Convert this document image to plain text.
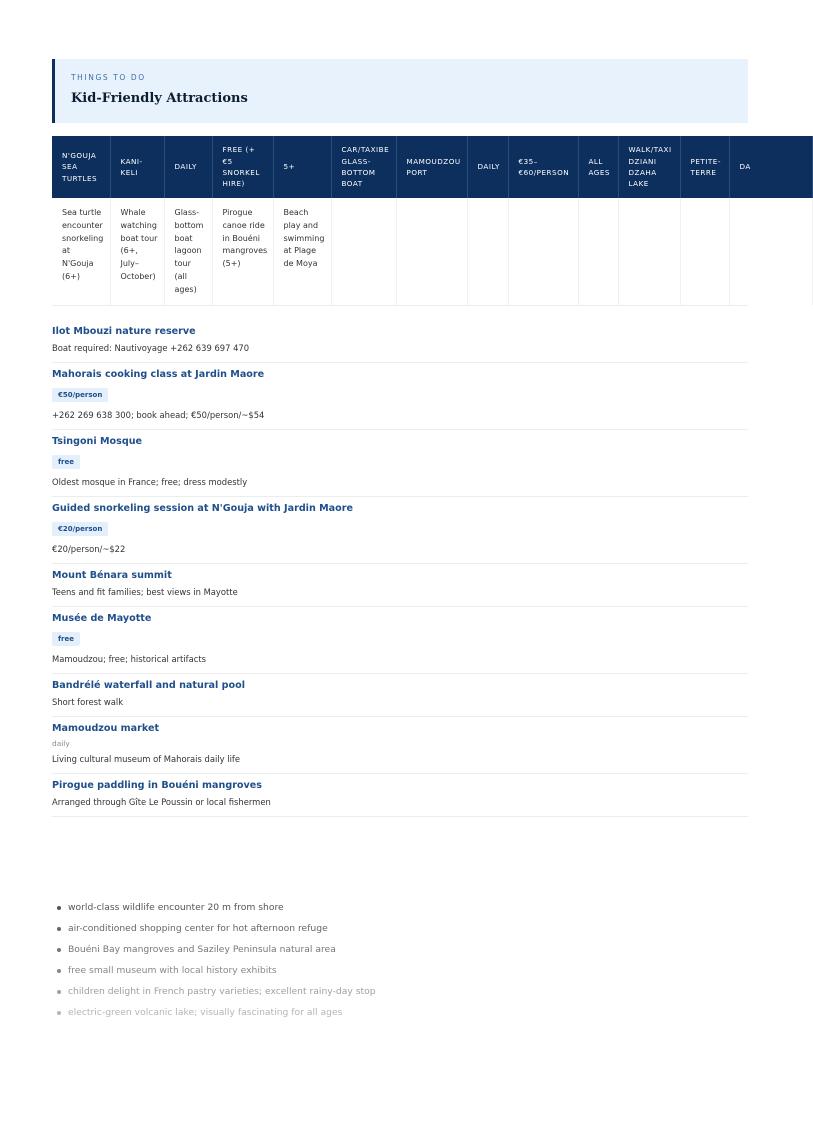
THINGS TO DO
Kid-Friendly Attractions
N'GOUJA SEA TURTLES	KANI-KELI	DAILY	FREE (+€5 SNORKEL HIRE)	5+	CAR/TAXIBE GLASS-BOTTOM BOAT	MAMOUDZOU PORT	DAILY	€35–€60/PERSON	ALL AGES	WALK/TAXI DZIANI DZAHA LAKE	PETITE-TERRE	DA
Sea turtle encounter snorkeling at N'Gouja (6+)	Whale watching boat tour (6+, July–October)	Glass-bottom boat lagoon tour (all ages)	Pirogue canoe ride in Bouéni mangroves (5+)	Beach play and swimming at Plage de Moya								
Ilot Mbouzi nature reserve
Boat required: Nautivoyage +262 639 697 470
Mahorais cooking class at Jardin Maore
€50/person
+262 269 638 300; book ahead; €50/person/~$54
Tsingoni Mosque
free
Oldest mosque in France; free; dress modestly
Guided snorkeling session at N'Gouja with Jardin Maore
€20/person
€20/person/~$22
Mount Bénara summit
Teens and fit families; best views in Mayotte
Musée de Mayotte
free
Mamoudzou; free; historical artifacts
Bandrélé waterfall and natural pool
Short forest walk
Mamoudzou market
daily
Living cultural museum of Mahorais daily life
Pirogue paddling in Bouéni mangroves
Arranged through Gîte Le Poussin or local fishermen
world-class wildlife encounter 20 m from shore
air-conditioned shopping center for hot afternoon refuge
Bouéni Bay mangroves and Saziley Peninsula natural area
free small museum with local history exhibits
children delight in French pastry varieties; excellent rainy-day stop
electric-green volcanic lake; visually fascinating for all ages
